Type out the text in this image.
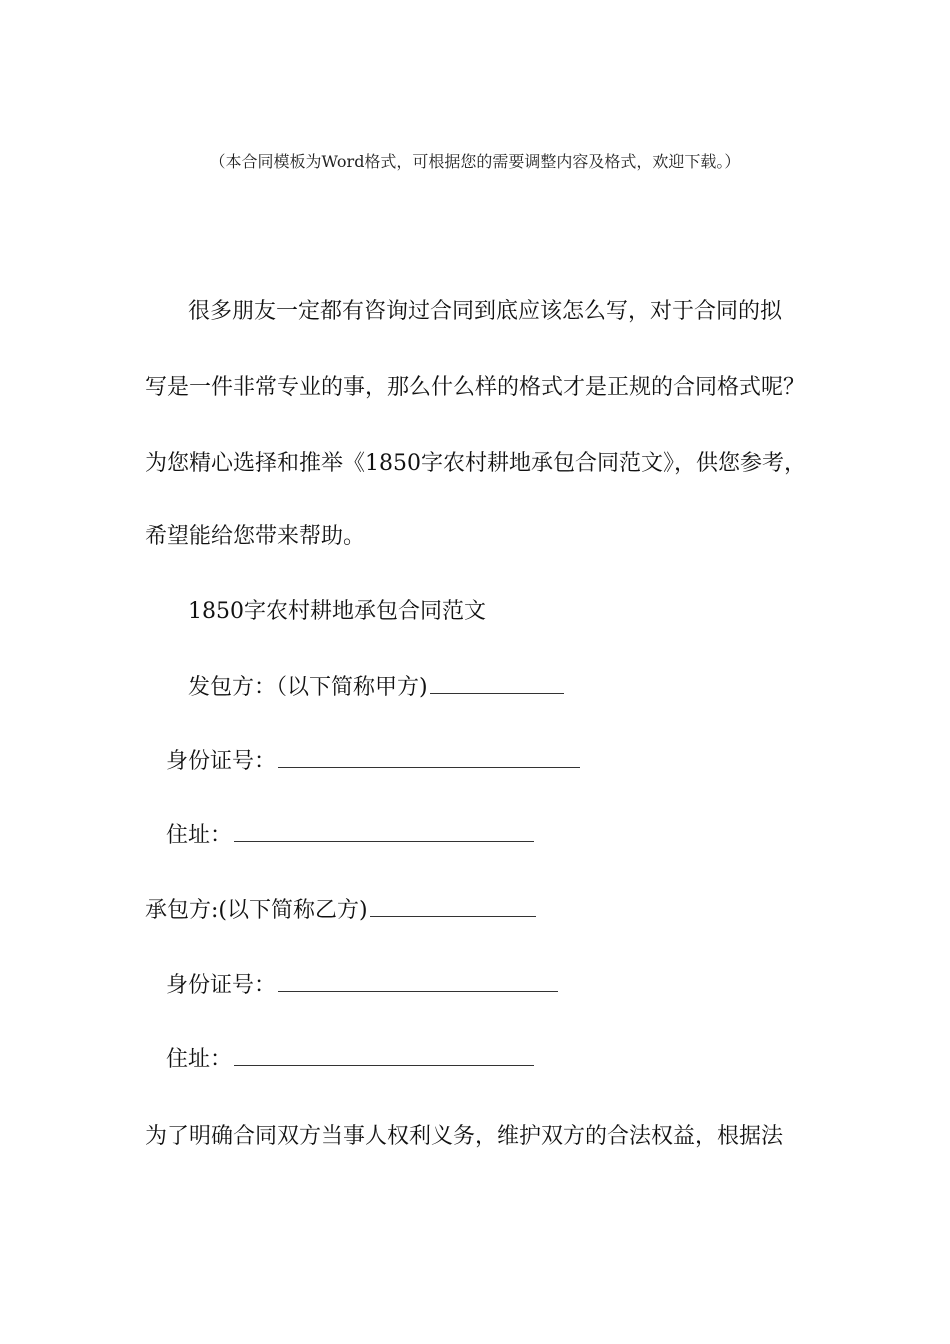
（本合同模板为Word格式，可根据您的需要调整内容及格式，欢迎下载。）
很多朋友一定都有咨询过合同到底应该怎么写，对于合同的拟
写是一件非常专业的事，那么什么样的格式才是正规的合同格式呢？
为您精心选择和推举《1850字农村耕地承包合同范文》，供您参考，
希望能给您带来帮助。
1850字农村耕地承包合同范文
发包方：（以下简称甲方)
身份证号：
住址：
承包方:(以下简称乙方)
身份证号：
住址：
为了明确合同双方当事人权利义务，维护双方的合法权益，根据法
